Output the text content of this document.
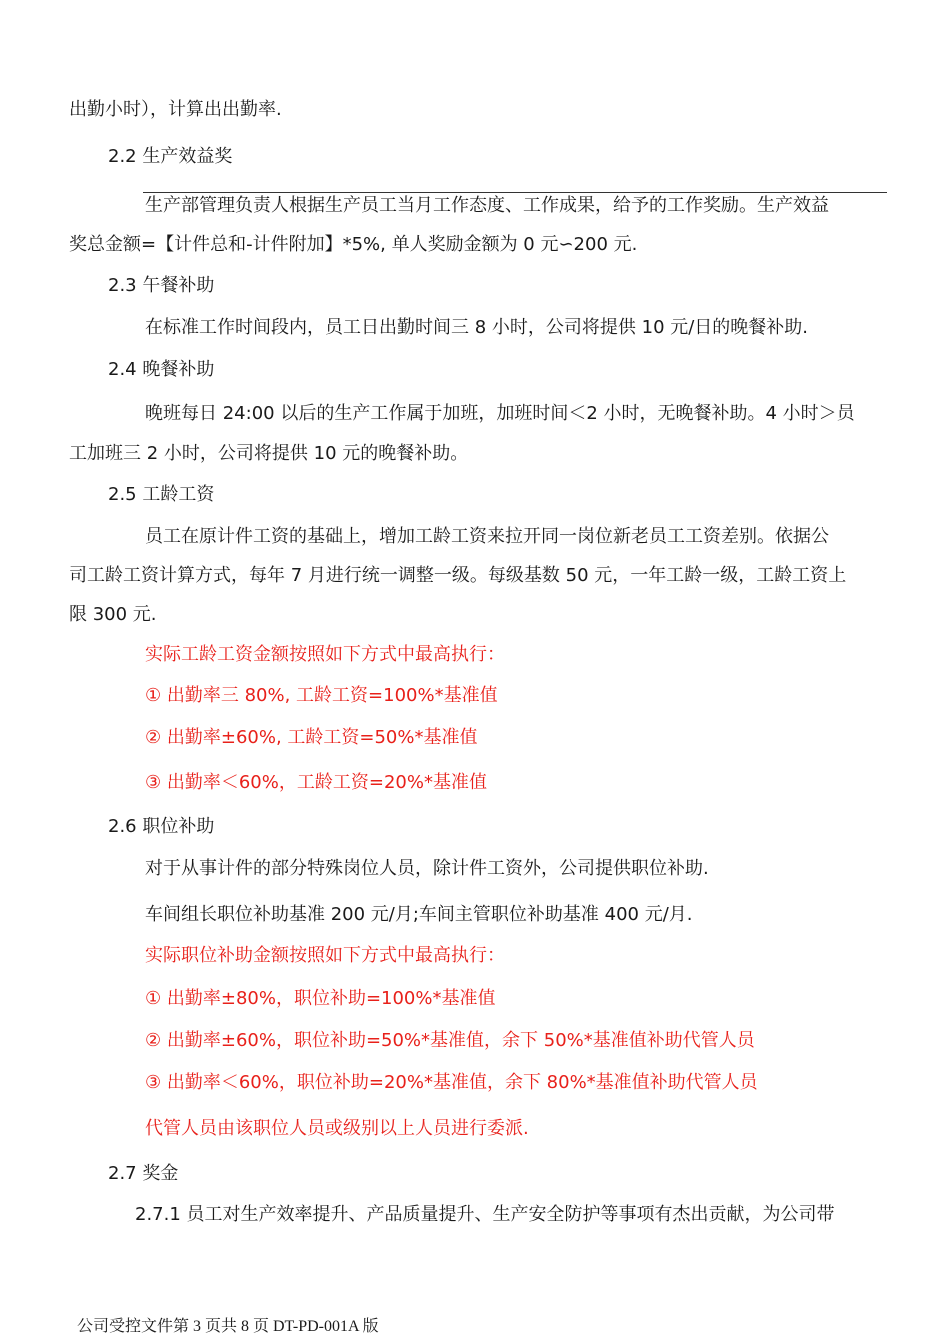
出勤小时），计算出出勤率.
2.2 生产效益奖
生产部管理负责人根据生产员工当月工作态度、工作成果，给予的工作奖励。生产效益
奖总金额=【计件总和-计件附加】*5%, 单人奖励金额为 0 元∽200 元.
2.3 午餐补助
在标准工作时间段内，员工日出勤时间三 8 小时，公司将提供 10 元/日的晚餐补助.
2.4 晚餐补助
晚班每日 24:00 以后的生产工作属于加班，加班时间＜2 小时，无晚餐补助。4 小时＞员
工加班三 2 小时，公司将提供 10 元的晚餐补助。
2.5 工龄工资
员工在原计件工资的基础上，增加工龄工资来拉开同一岗位新老员工工资差别。依据公
司工龄工资计算方式，每年 7 月进行统一调整一级。每级基数 50 元，一年工龄一级，工龄工资上
限 300 元.
实际工龄工资金额按照如下方式中最高执行：
① 出勤率三 80%, 工龄工资=100%*基准值
② 出勤率±60%, 工龄工资=50%*基准值
③ 出勤率＜60%，工龄工资=20%*基准值
2.6 职位补助
对于从事计件的部分特殊岗位人员，除计件工资外，公司提供职位补助.
车间组长职位补助基准 200 元/月;车间主管职位补助基准 400 元/月.
实际职位补助金额按照如下方式中最高执行：
① 出勤率±80%，职位补助=100%*基准值
② 出勤率±60%，职位补助=50%*基准值，余下 50%*基准值补助代管人员
③ 出勤率＜60%，职位补助=20%*基准值，余下 80%*基准值补助代管人员
代管人员由该职位人员或级别以上人员进行委派.
2.7 奖金
2.7.1 员工对生产效率提升、产品质量提升、生产安全防护等事项有杰出贡献，为公司带
公司受控文件第 3 页共 8 页 DT-PD-001A 版
